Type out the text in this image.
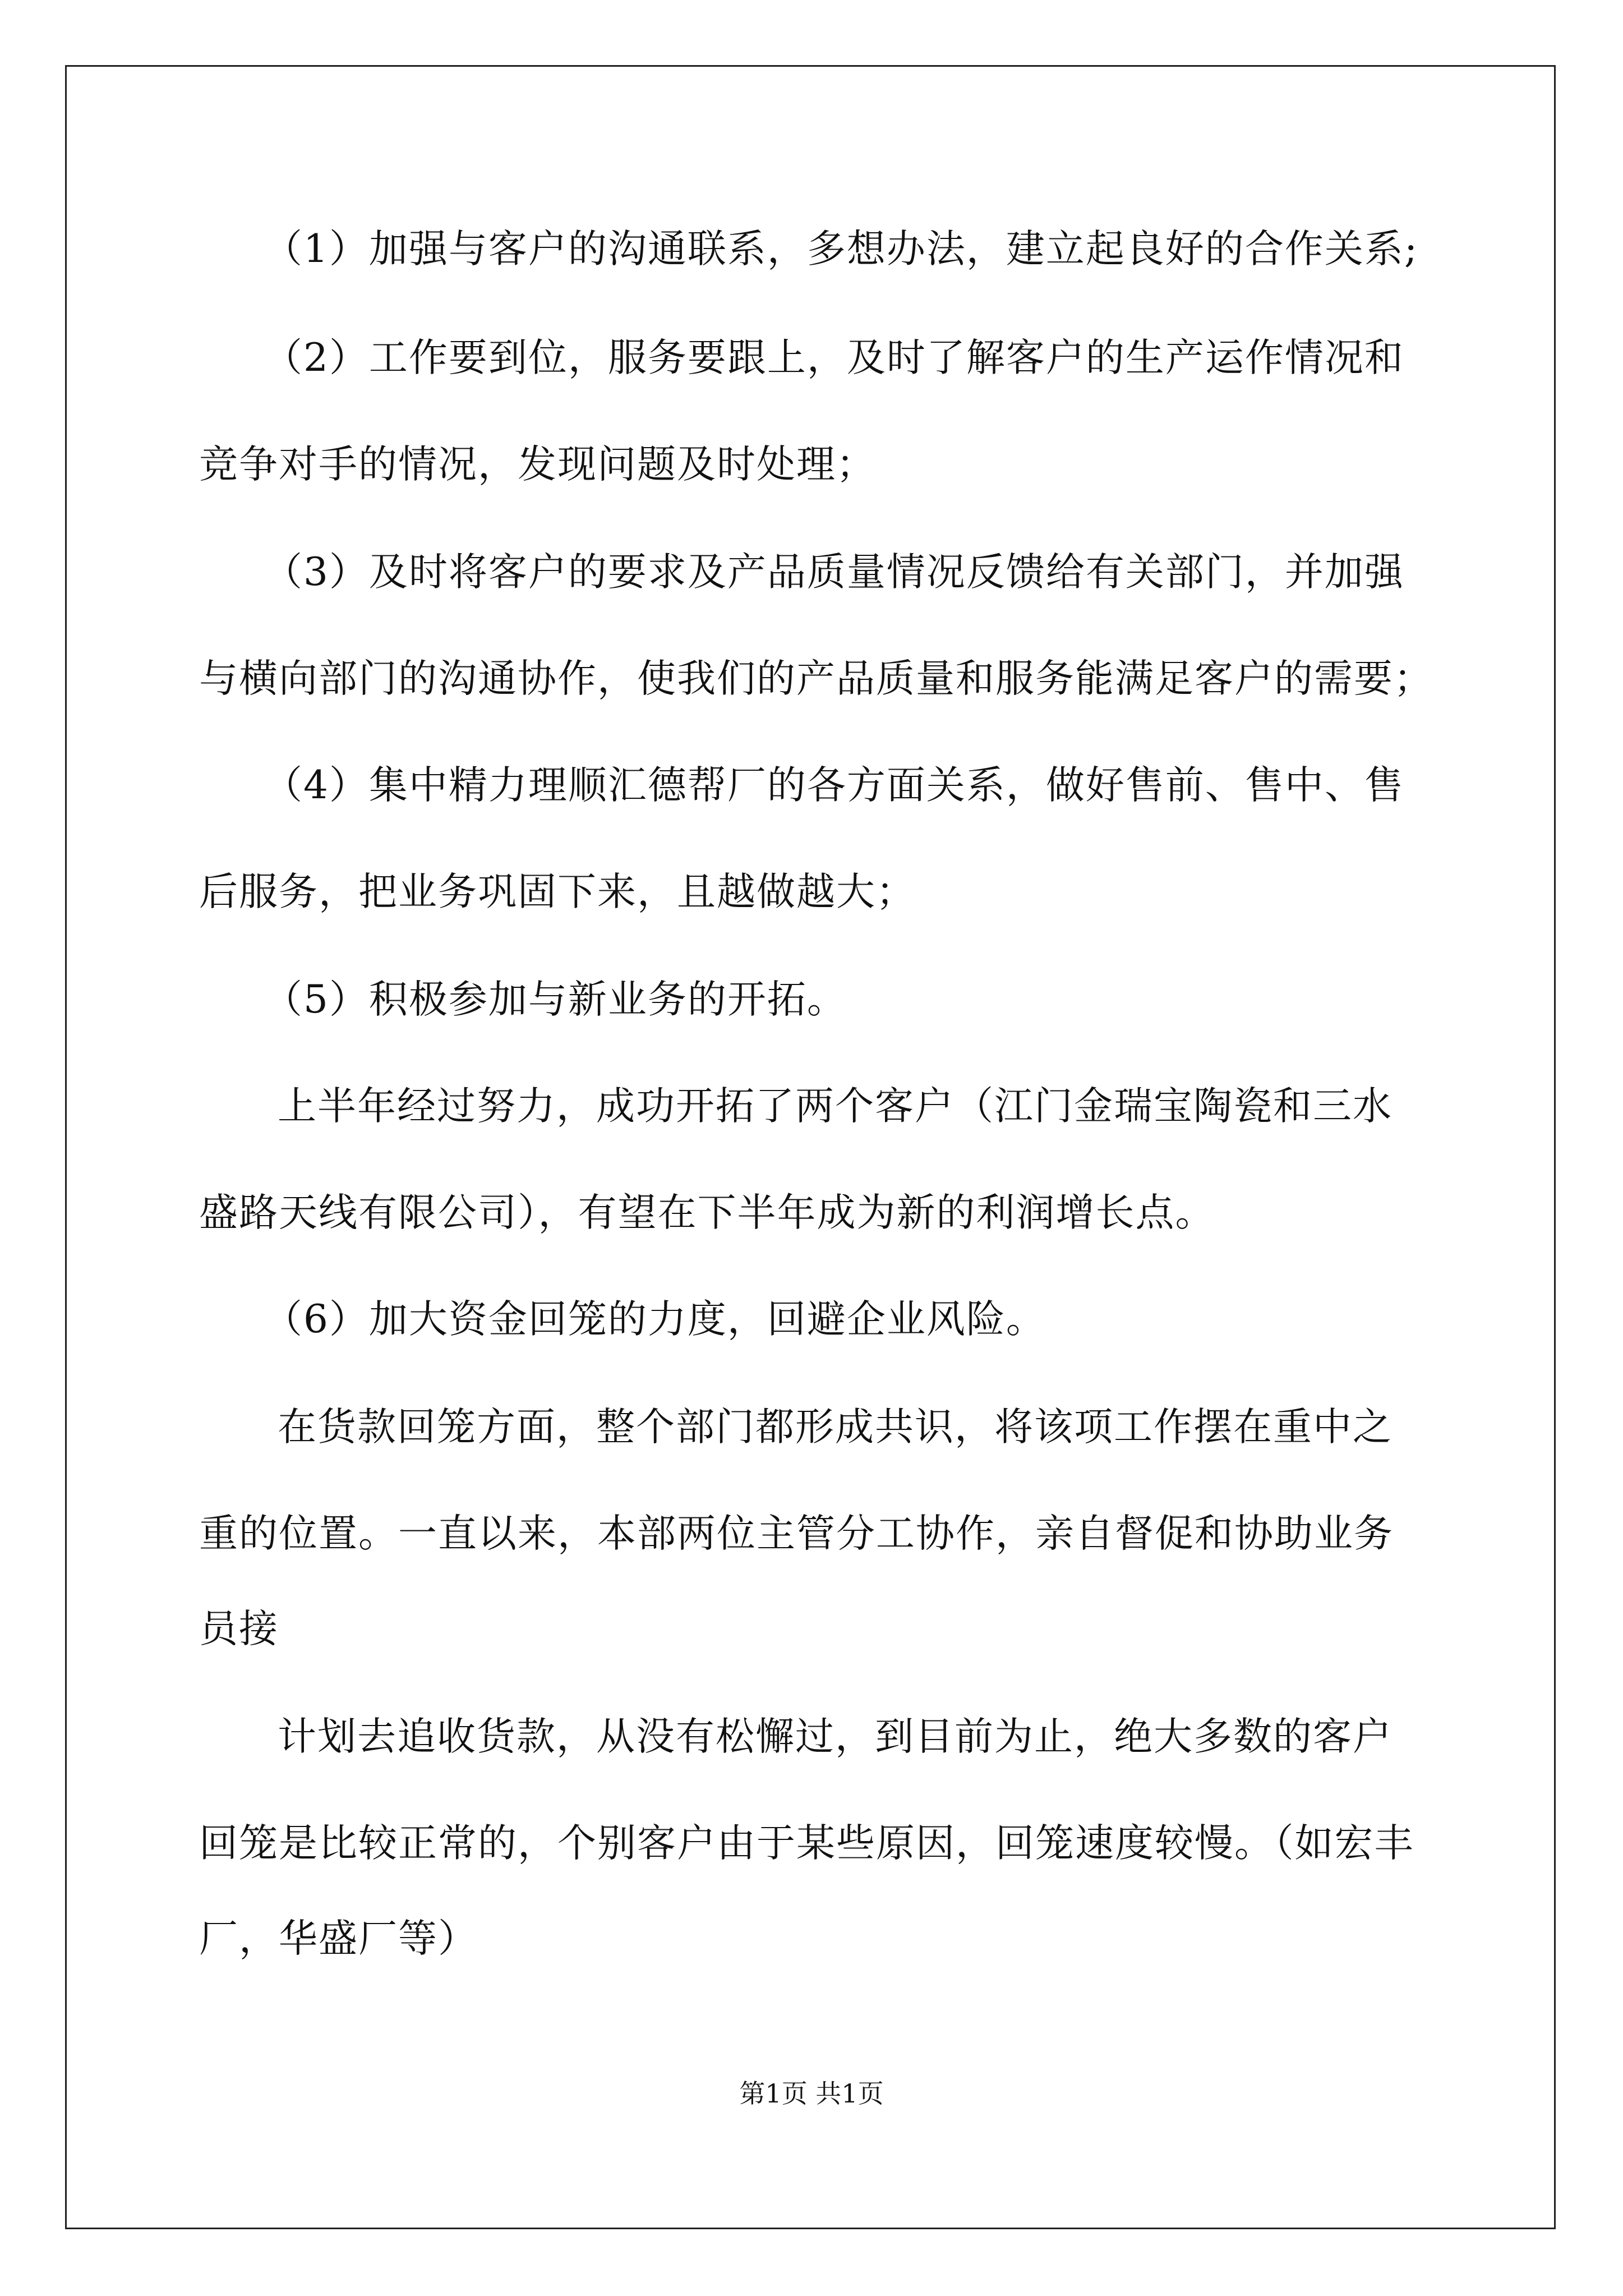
（1）加强与客户的沟通联系，多想办法，建立起良好的合作关系;
（2）工作要到位，服务要跟上，及时了解客户的生产运作情况和
竞争对手的情况，发现问题及时处理；
（3）及时将客户的要求及产品质量情况反馈给有关部门，并加强
与横向部门的沟通协作，使我们的产品质量和服务能满足客户的需要；
（4）集中精力理顺汇德帮厂的各方面关系，做好售前、售中、售
后服务，把业务巩固下来，且越做越大；
（5）积极参加与新业务的开拓。
上半年经过努力，成功开拓了两个客户（江门金瑞宝陶瓷和三水
盛路天线有限公司），有望在下半年成为新的利润增长点。
（6）加大资金回笼的力度，回避企业风险。
在货款回笼方面，整个部门都形成共识，将该项工作摆在重中之
重的位置。一直以来，本部两位主管分工协作，亲自督促和协助业务
员接
计划去追收货款，从没有松懈过，到目前为止，绝大多数的客户
回笼是比较正常的，个别客户由于某些原因，回笼速度较慢。（如宏丰
厂，华盛厂等）
第1页 共1页
